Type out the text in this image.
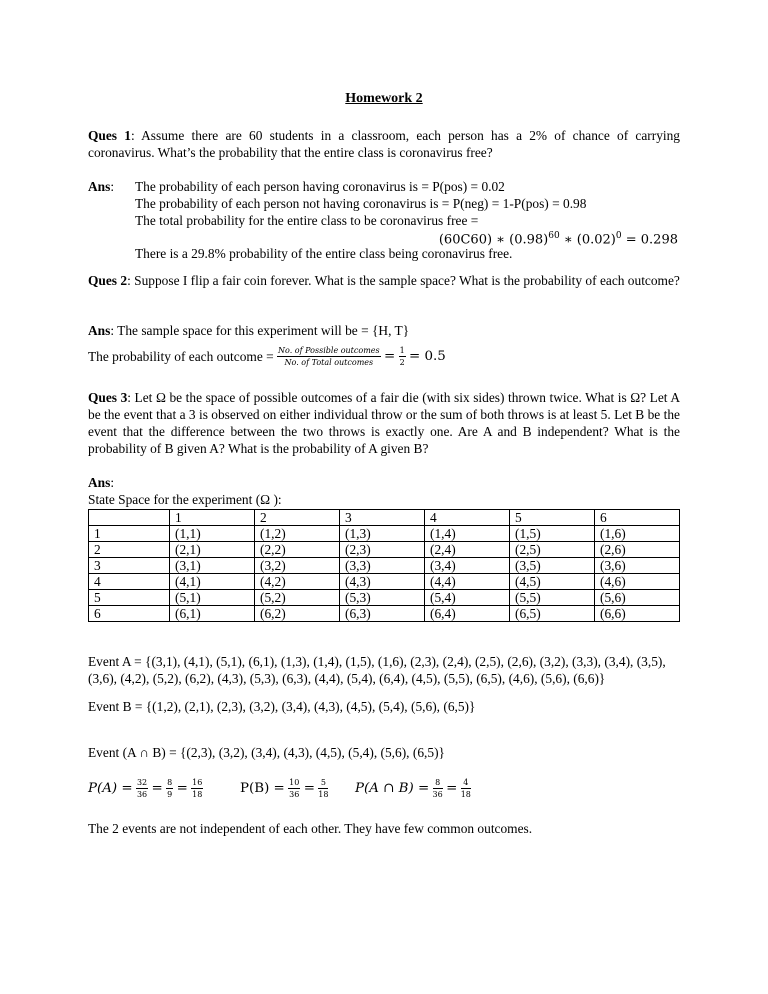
Homework 2
Ques 1: Assume there are 60 students in a classroom, each person has a 2% of chance of carrying coronavirus. What’s the probability that the entire class is coronavirus free?
Ans: The probability of each person having coronavirus is = P(pos) = 0.02
The probability of each person not having coronavirus is = P(neg) = 1-P(pos) = 0.98
The total probability for the entire class to be coronavirus free =
(60C60) ∗ $(0.98)^{60}$ ∗ $(0.02)^0 = 0.298$
There is a 29.8% probability of the entire class being coronavirus free.
Ques 2: Suppose I flip a fair coin forever. What is the sample space? What is the probability of each outcome?
Ans: The sample space for this experiment will be = {H, T}
The probability of each outcome = $\frac{\text{No. of Possible outcomes}}{\text{No. of Total outcomes}} = \frac{1}{2} = 0.5$
Ques 3: Let Ω be the space of possible outcomes of a fair die (with six sides) thrown twice. What is Ω? Let A be the event that a 3 is observed on either individual throw or the sum of both throws is at least 5. Let B be the event that the difference between the two throws is exactly one. Are A and B independent? What is the probability of B given A? What is the probability of A given B?
Ans:
State Space for the experiment (Ω ):
	1	2	3	4	5	6
1	(1,1)	(1,2)	(1,3)	(1,4)	(1,5)	(1,6)
2	(2,1)	(2,2)	(2,3)	(2,4)	(2,5)	(2,6)
3	(3,1)	(3,2)	(3,3)	(3,4)	(3,5)	(3,6)
4	(4,1)	(4,2)	(4,3)	(4,4)	(4,5)	(4,6)
5	(5,1)	(5,2)	(5,3)	(5,4)	(5,5)	(5,6)
6	(6,1)	(6,2)	(6,3)	(6,4)	(6,5)	(6,6)
Event A = {(3,1), (4,1), (5,1), (6,1), (1,3), (1,4), (1,5), (1,6), (2,3), (2,4), (2,5), (2,6), (3,2), (3,3), (3,4), (3,5),
(3,6), (4,2), (5,2), (6,2), (4,3), (5,3), (6,3), (4,4), (5,4), (6,4), (4,5), (5,5), (6,5), (4,6), (5,6), (6,6)}
Event B = {(1,2), (2,1), (2,3), (3,2), (3,4), (4,3), (4,5), (5,4), (5,6), (6,5)}
Event (A ∩ B) = {(2,3), (3,2), (3,4), (4,3), (4,5), (5,4), (5,6), (6,5)}
$P(A) = \frac{32}{36} = \frac{8}{9} = \frac{16}{18}$	$P(B) = \frac{10}{36} = \frac{5}{18} P(A$ ∩ $B) = \frac{8}{36} = \frac{4}{18}$
The 2 events are not independent of each other. They have few common outcomes.
